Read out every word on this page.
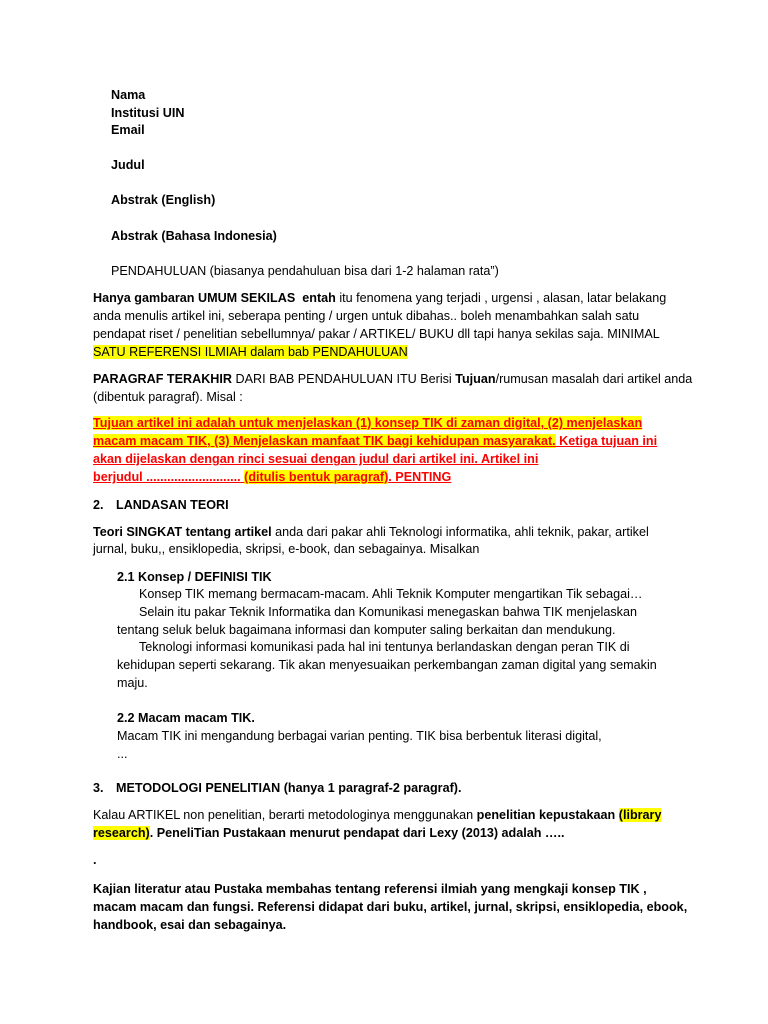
Nama
Institusi UIN
Email
Judul
Abstrak (English)
Abstrak (Bahasa Indonesia)
PENDAHULUAN (biasanya pendahuluan bisa dari 1-2 halaman rata”)
Hanya gambaran UMUM SEKILAS entah itu fenomena yang terjadi , urgensi , alasan, latar belakang
anda menulis artikel ini, seberapa penting / urgen untuk dibahas.. boleh menambahkan salah satu
pendapat riset / penelitian sebellumnya/ pakar / ARTIKEL/ BUKU dll tapi hanya sekilas saja. MINIMAL
SATU REFERENSI ILMIAH dalam bab PENDAHULUAN
PARAGRAF TERAKHIR DARI BAB PENDAHULUAN ITU Berisi Tujuan/rumusan masalah dari artikel anda
(dibentuk paragraf). Misal :
Tujuan artikel ini adalah untuk menjelaskan (1) konsep TIK di zaman digital, (2) menjelaskan
macam macam TIK, (3) Menjelaskan manfaat TIK bagi kehidupan masyarakat. Ketiga tujuan ini
akan dijelaskan dengan rinci sesuai dengan judul dari artikel ini. Artikel ini
berjudul ........................... (ditulis bentuk paragraf). PENTING
2. LANDASAN TEORI
Teori SINGKAT tentang artikel anda dari pakar ahli Teknologi informatika, ahli teknik, pakar, artikel
jurnal, buku,, ensiklopedia, skripsi, e-book, dan sebagainya. Misalkan
2.1 Konsep / DEFINISI TIK
Konsep TIK memang bermacam-macam. Ahli Teknik Komputer mengartikan Tik sebagai…
Selain itu pakar Teknik Informatika dan Komunikasi menegaskan bahwa TIK menjelaskan
tentang seluk beluk bagaimana informasi dan komputer saling berkaitan dan mendukung.
Teknologi informasi komunikasi pada hal ini tentunya berlandaskan dengan peran TIK di
kehidupan seperti sekarang. Tik akan menyesuaikan perkembangan zaman digital yang semakin
maju.
2.2 Macam macam TIK.
Macam TIK ini mengandung berbagai varian penting. TIK bisa berbentuk literasi digital,
...
3. METODOLOGI PENELITIAN (hanya 1 paragraf-2 paragraf).
Kalau ARTIKEL non penelitian, berarti metodologinya menggunakan penelitian kepustakaan (library
research). PeneliTian Pustakaan menurut pendapat dari Lexy (2013) adalah …..
.
Kajian literatur atau Pustaka membahas tentang referensi ilmiah yang mengkaji konsep TIK ,
macam macam dan fungsi. Referensi didapat dari buku, artikel, jurnal, skripsi, ensiklopedia, ebook,
handbook, esai dan sebagainya.
